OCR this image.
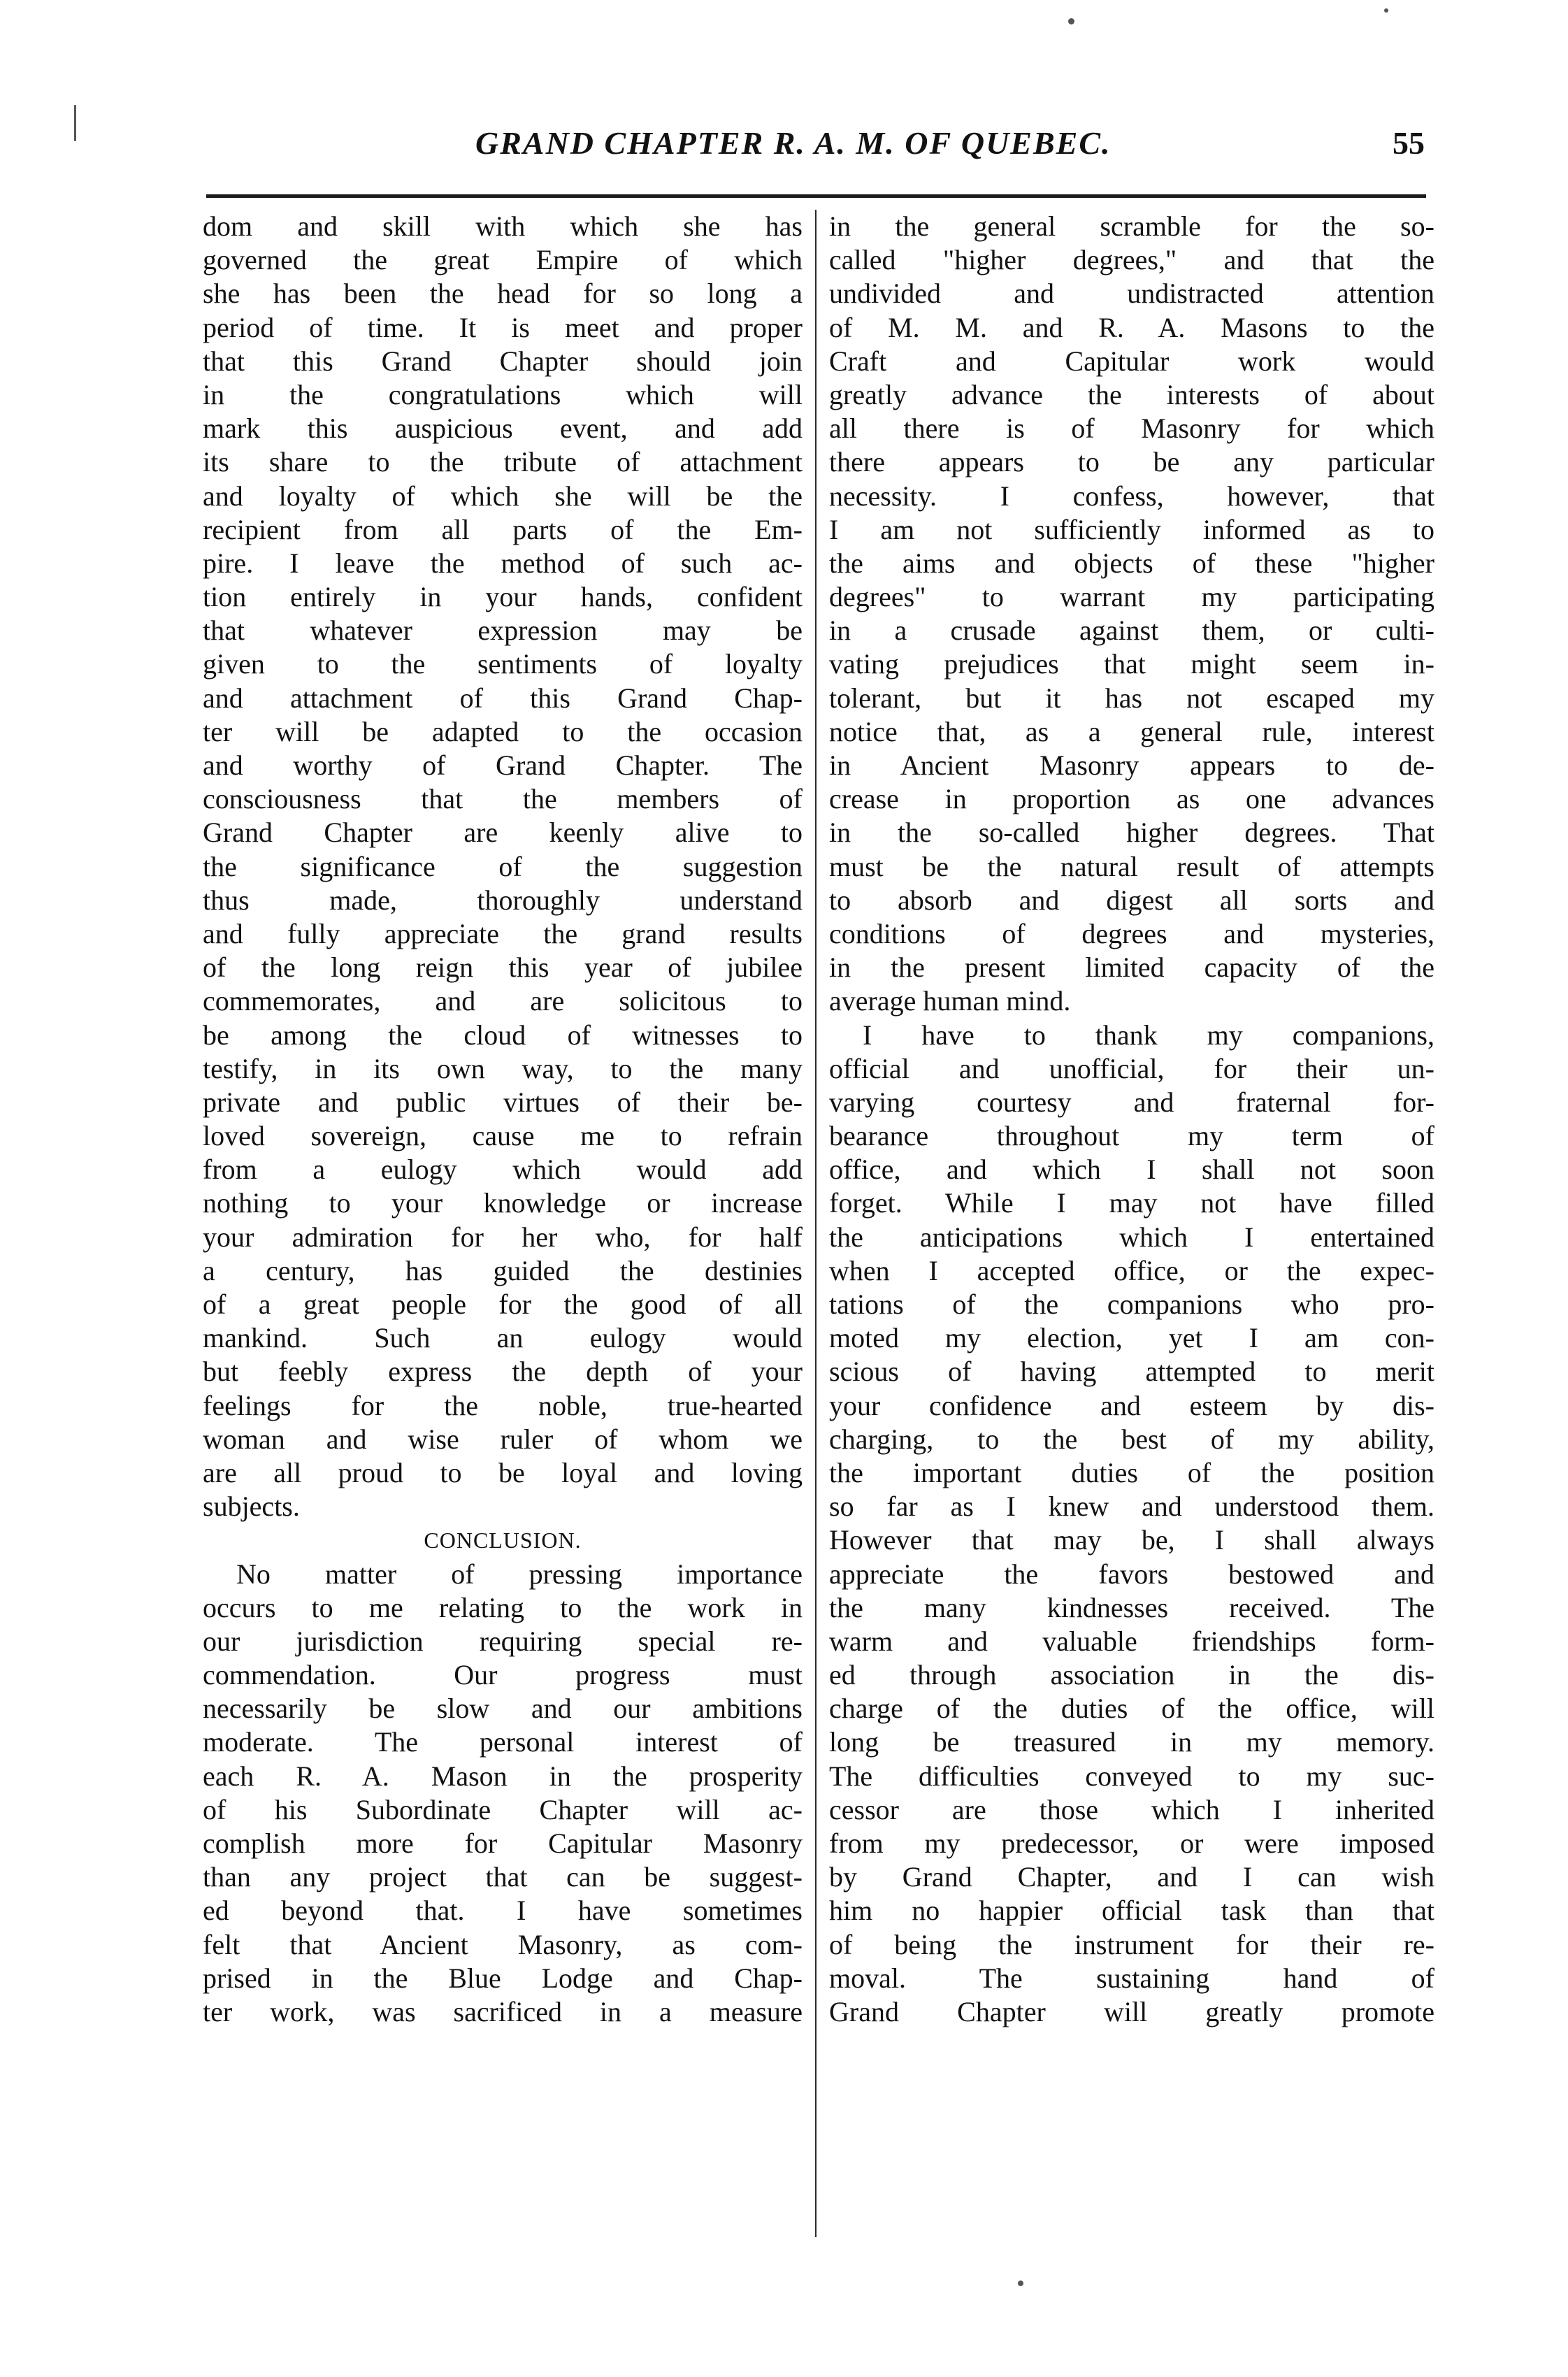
GRAND CHAPTER R. A. M. OF QUEBEC.	55
dom and skill with which she has
governed the great Empire of which
she has been the head for so long a
period of time. It is meet and proper
that this Grand Chapter should join
in the congratulations which will
mark this auspicious event, and add
its share to the tribute of attachment
and loyalty of which she will be the
recipient from all parts of the Em-
pire. I leave the method of such ac-
tion entirely in your hands, confident
that whatever expression may be
given to the sentiments of loyalty
and attachment of this Grand Chap-
ter will be adapted to the occasion
and worthy of Grand Chapter. The
consciousness that the members of
Grand Chapter are keenly alive to
the significance of the suggestion
thus made, thoroughly understand
and fully appreciate the grand results
of the long reign this year of jubilee
commemorates, and are solicitous to
be among the cloud of witnesses to
testify, in its own way, to the many
private and public virtues of their be-
loved sovereign, cause me to refrain
from a eulogy which would add
nothing to your knowledge or increase
your admiration for her who, for half
a century, has guided the destinies
of a great people for the good of all
mankind. Such an eulogy would
but feebly express the depth of your
feelings for the noble, true-hearted
woman and wise ruler of whom we
are all proud to be loyal and loving
subjects.
CONCLUSION.
No matter of pressing importance
occurs to me relating to the work in
our jurisdiction requiring special re-
commendation. Our progress must
necessarily be slow and our ambitions
moderate. The personal interest of
each R. A. Mason in the prosperity
of his Subordinate Chapter will ac-
complish more for Capitular Masonry
than any project that can be suggest-
ed beyond that. I have sometimes
felt that Ancient Masonry, as com-
prised in the Blue Lodge and Chap-
ter work, was sacrificed in a measure
in the general scramble for the so-
called "higher degrees," and that the
undivided and undistracted attention
of M. M. and R. A. Masons to the
Craft and Capitular work would
greatly advance the interests of about
all there is of Masonry for which
there appears to be any particular
necessity. I confess, however, that
I am not sufficiently informed as to
the aims and objects of these "higher
degrees" to warrant my participating
in a crusade against them, or culti-
vating prejudices that might seem in-
tolerant, but it has not escaped my
notice that, as a general rule, interest
in Ancient Masonry appears to de-
crease in proportion as one advances
in the so-called higher degrees. That
must be the natural result of attempts
to absorb and digest all sorts and
conditions of degrees and mysteries,
in the present limited capacity of the
average human mind.
I have to thank my companions,
official and unofficial, for their un-
varying courtesy and fraternal for-
bearance throughout my term of
office, and which I shall not soon
forget. While I may not have filled
the anticipations which I entertained
when I accepted office, or the expec-
tations of the companions who pro-
moted my election, yet I am con-
scious of having attempted to merit
your confidence and esteem by dis-
charging, to the best of my ability,
the important duties of the position
so far as I knew and understood them.
However that may be, I shall always
appreciate the favors bestowed and
the many kindnesses received. The
warm and valuable friendships form-
ed through association in the dis-
charge of the duties of the office, will
long be treasured in my memory.
The difficulties conveyed to my suc-
cessor are those which I inherited
from my predecessor, or were imposed
by Grand Chapter, and I can wish
him no happier official task than that
of being the instrument for their re-
moval. The sustaining hand of
Grand Chapter will greatly promote
